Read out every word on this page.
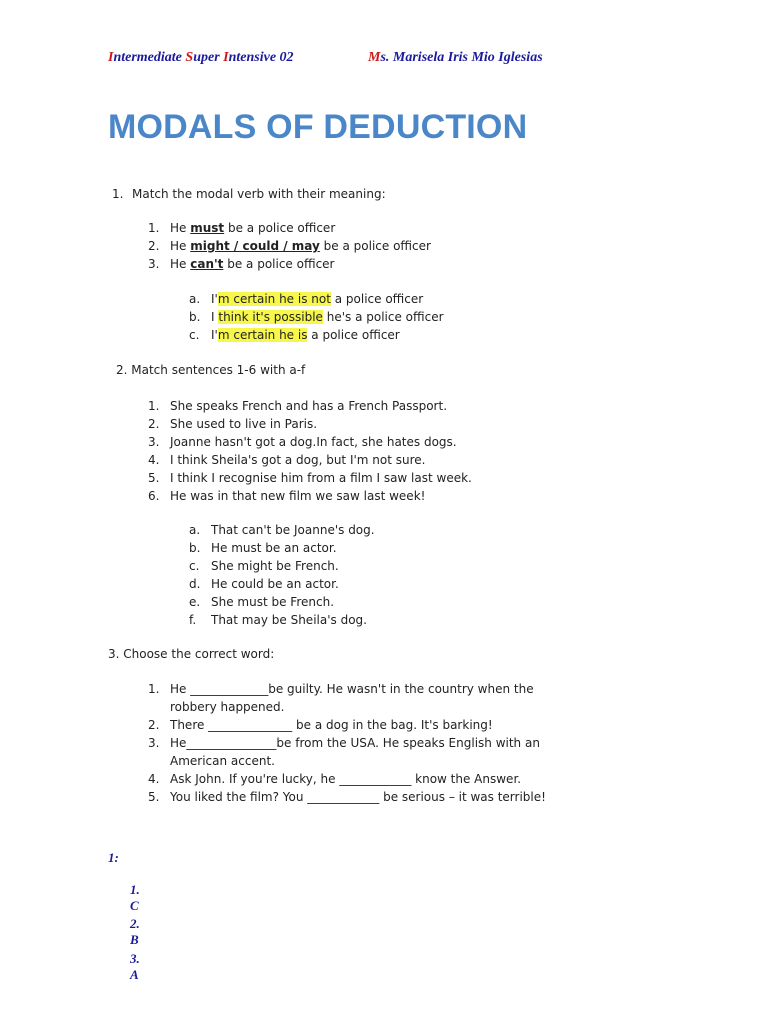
Intermediate Super Intensive 02	Ms. Marisela Iris Mio Iglesias
MODALS OF DEDUCTION
1. Match the modal verb with their meaning:
1. He must be a police officer
2. He might / could / may be a police officer
3. He can't be a police officer
a. I'm certain he is not a police officer
b. I think it's possible he's a police officer
c. I'm certain he is a police officer
2. Match sentences 1-6 with a-f
1. She speaks French and has a French Passport.
2. She used to live in Paris.
3. Joanne hasn't got a dog.In fact, she hates dogs.
4. I think Sheila's got a dog, but I'm not sure.
5. I think I recognise him from a film I saw last week.
6. He was in that new film we saw last week!
a. That can't be Joanne's dog.
b. He must be an actor.
c. She might be French.
d. He could be an actor.
e. She must be French.
f.	That may be Sheila's dog.
3. Choose the correct word:
1. He _____________be guilty. He wasn't in the country when the
robbery happened.
2. There ______________ be a dog in the bag. It's barking!
3. He_______________be from the USA. He speaks English with an
American accent.
4. Ask John. If you're lucky, he ____________ know the Answer.
5. You liked the film? You ____________ be serious – it was terrible!
1:
1.C
2.B
3.A
